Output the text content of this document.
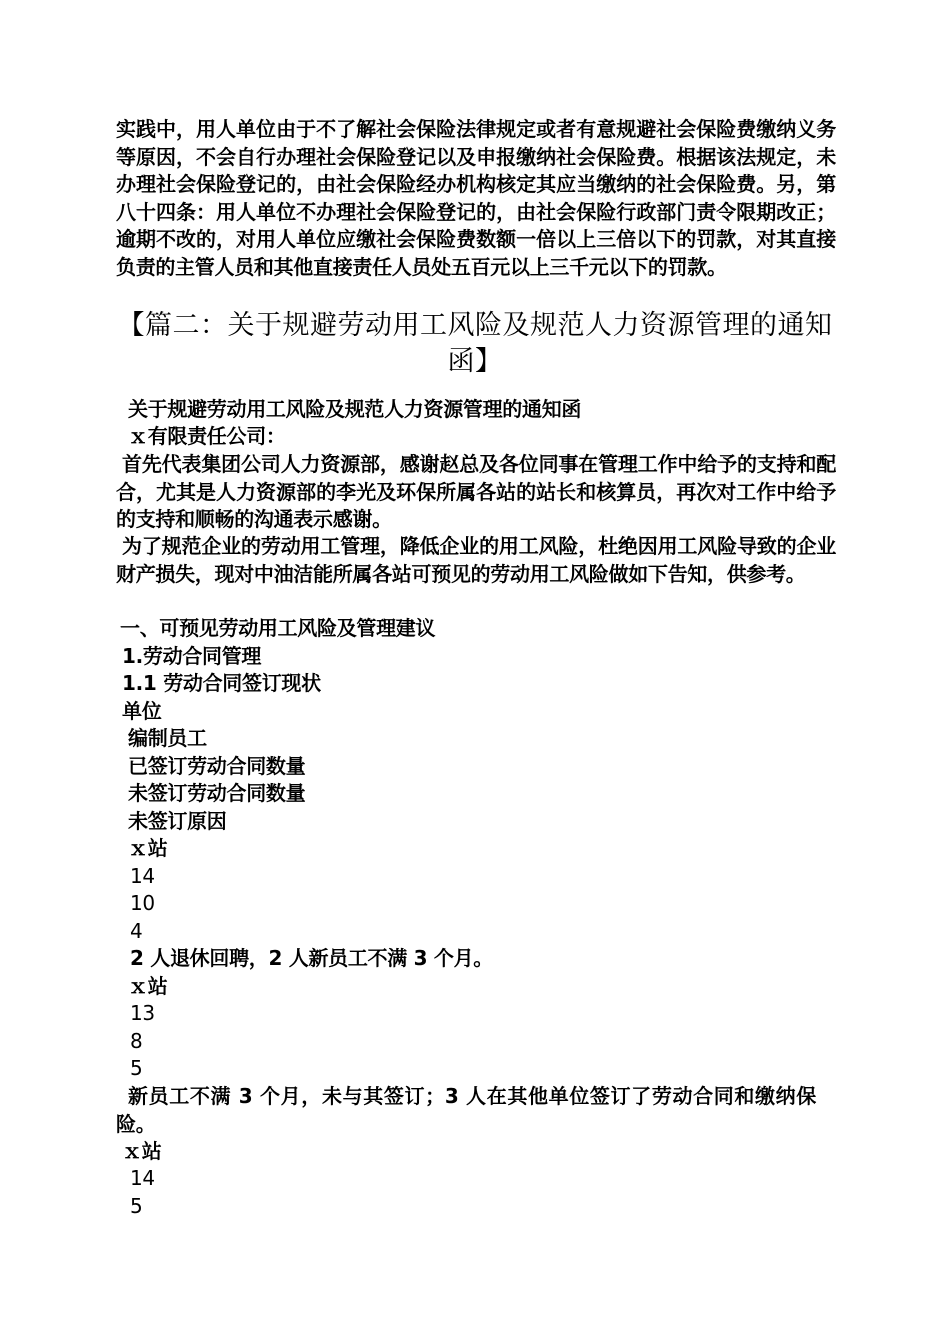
实践中，用人单位由于不了解社会保险法律规定或者有意规避社会保险费缴纳义务等原因，不会自行办理社会保险登记以及申报缴纳社会保险费。根据该法规定，未办理社会保险登记的，由社会保险经办机构核定其应当缴纳的社会保险费。另，第八十四条：用人单位不办理社会保险登记的，由社会保险行政部门责令限期改正；逾期不改的，对用人单位应缴社会保险费数额一倍以上三倍以下的罚款，对其直接负责的主管人员和其他直接责任人员处五百元以上三千元以下的罚款。
【篇二：关于规避劳动用工风险及规范人力资源管理的通知函】
关于规避劳动用工风险及规范人力资源管理的通知函
ｘ有限责任公司：
首先代表集团公司人力资源部，感谢赵总及各位同事在管理工作中给予的支持和配合，尤其是人力资源部的李光及环保所属各站的站长和核算员，再次对工作中给予的支持和顺畅的沟通表示感谢。
为了规范企业的劳动用工管理，降低企业的用工风险，杜绝因用工风险导致的企业财产损失，现对中油洁能所属各站可预见的劳动用工风险做如下告知，供参考。
一、可预见劳动用工风险及管理建议
1.劳动合同管理
1.1 劳动合同签订现状
单位
编制员工
已签订劳动合同数量
未签订劳动合同数量
未签订原因
ｘ站
14
10
4
2 人退休回聘，2 人新员工不满 3 个月。
ｘ站
13
8
5
新员工不满 3 个月，未与其签订；3 人在其他单位签订了劳动合同和缴纳保险。
ｘ站
14
5
